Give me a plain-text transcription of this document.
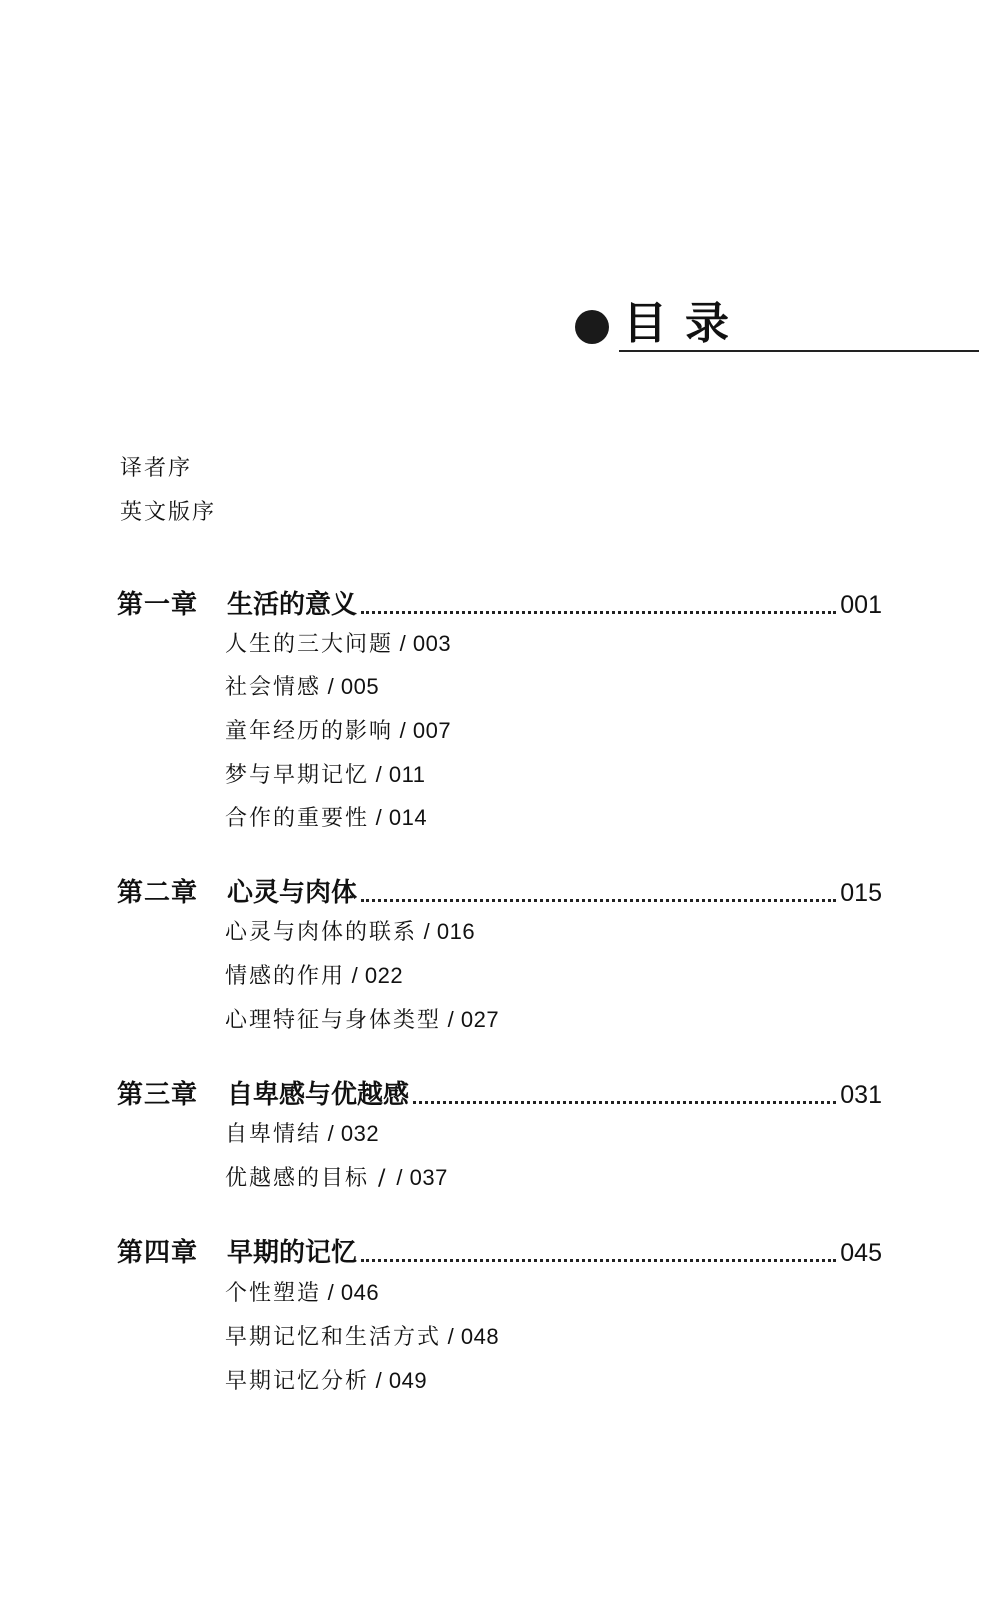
目录
译者序
英文版序
第一章	生活的意义	001
人生的三大问题 / 003
社会情感 / 005
童年经历的影响 / 007
梦与早期记忆 / 011
合作的重要性 / 014
第二章	心灵与肉体	015
心灵与肉体的联系 / 016
情感的作用 / 022
心理特征与身体类型 / 027
第三章	自卑感与优越感	031
自卑情结 / 032
优越感的目标 / / 037
第四章	早期的记忆	045
个性塑造 / 046
早期记忆和生活方式 / 048
早期记忆分析 / 049
